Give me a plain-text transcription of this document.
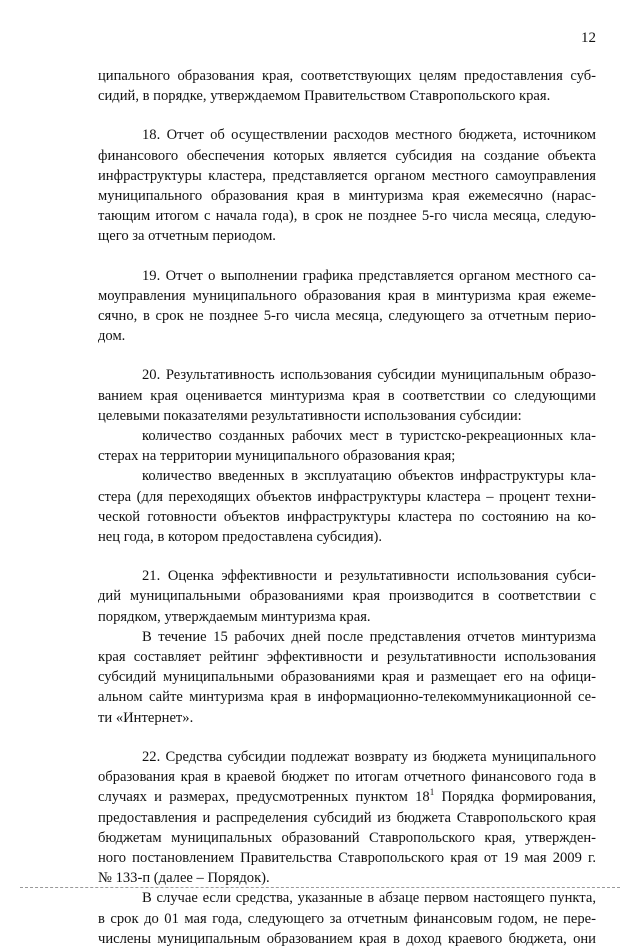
12

ципального образования края, соответствующих целям предоставления суб-
сидий, в порядке, утверждаемом Правительством Ставропольского края.

18. Отчет об осуществлении расходов местного бюджета, источником
финансового обеспечения которых является субсидия на создание объекта
инфраструктуры кластера, представляется органом местного самоуправления
муниципального образования края в минтуризма края ежемесячно (нарас-
тающим итогом с начала года), в срок не позднее 5-го числа месяца, следую-
щего за отчетным периодом.

19. Отчет о выполнении графика представляется органом местного са-
моуправления муниципального образования края в минтуризма края ежеме-
сячно, в срок не позднее 5-го числа месяца, следующего за отчетным перио-
дом.

20. Результативность использования субсидии муниципальным образо-
ванием края оценивается минтуризма края в соответствии со следующими
целевыми показателями результативности использования субсидии:
количество созданных рабочих мест в туристско-рекреационных кла-
стерах на территории муниципального образования края;
количество введенных в эксплуатацию объектов инфраструктуры кла-
стера (для переходящих объектов инфраструктуры кластера – процент техни-
ческой готовности объектов инфраструктуры кластера по состоянию на ко-
нец года, в котором предоставлена субсидия).

21. Оценка эффективности и результативности использования субси-
дий муниципальными образованиями края производится в соответствии с
порядком, утверждаемым минтуризма края.
В течение 15 рабочих дней после представления отчетов минтуризма
края составляет рейтинг эффективности и результативности использования
субсидий муниципальными образованиями края и размещает его на офици-
альном сайте минтуризма края в информационно-телекоммуникационной се-
ти «Интернет».

22. Средства субсидии подлежат возврату из бюджета муниципального
образования края в краевой бюджет по итогам отчетного финансового года в
случаях и размерах, предусмотренных пунктом $18^1$ Порядка формирования,
предоставления и распределения субсидий из бюджета Ставропольского края
бюджетам муниципальных образований Ставропольского края, утвержден-
ного постановлением Правительства Ставропольского края от 19 мая 2009 г.
№ 133-п (далее – Порядок).
В случае если средства, указанные в абзаце первом настоящего пункта,
в срок до 01 мая года, следующего за отчетным финансовым годом, не пере-
числены муниципальным образованием края в доход краевого бюджета, они
